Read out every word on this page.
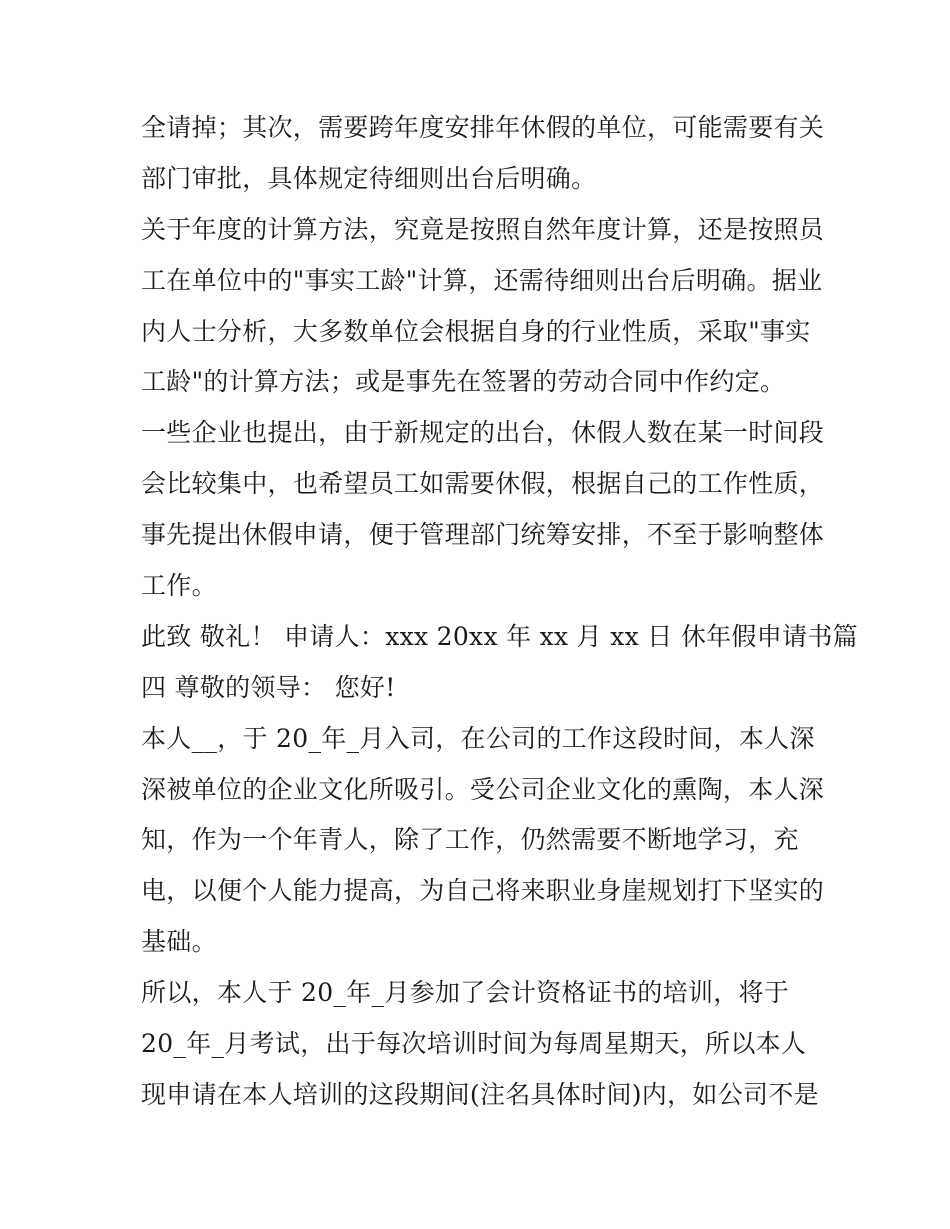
全请掉；其次，需要跨年度安排年休假的单位，可能需要有关
部门审批，具体规定待细则出台后明确。
关于年度的计算方法，究竟是按照自然年度计算，还是按照员
工在单位中的"事实工龄"计算，还需待细则出台后明确。据业
内人士分析，大多数单位会根据自身的行业性质，采取"事实
工龄"的计算方法；或是事先在签署的劳动合同中作约定。
一些企业也提出，由于新规定的出台，休假人数在某一时间段
会比较集中，也希望员工如需要休假，根据自己的工作性质，
事先提出休假申请，便于管理部门统筹安排，不至于影响整体
工作。
此致 敬礼！ 申请人：xxx 20xx 年 xx 月 xx 日 休年假申请书篇
四 尊敬的领导： 您好!
本人__，于 20_年_月入司，在公司的工作这段时间，本人深
深被单位的企业文化所吸引。受公司企业文化的熏陶，本人深
知，作为一个年青人，除了工作，仍然需要不断地学习，充
电，以便个人能力提高，为自己将来职业身崖规划打下坚实的
基础。
所以，本人于 20_年_月参加了会计资格证书的培训，将于
20_年_月考试，出于每次培训时间为每周星期天，所以本人
现申请在本人培训的这段期间(注名具体时间)内，如公司不是
